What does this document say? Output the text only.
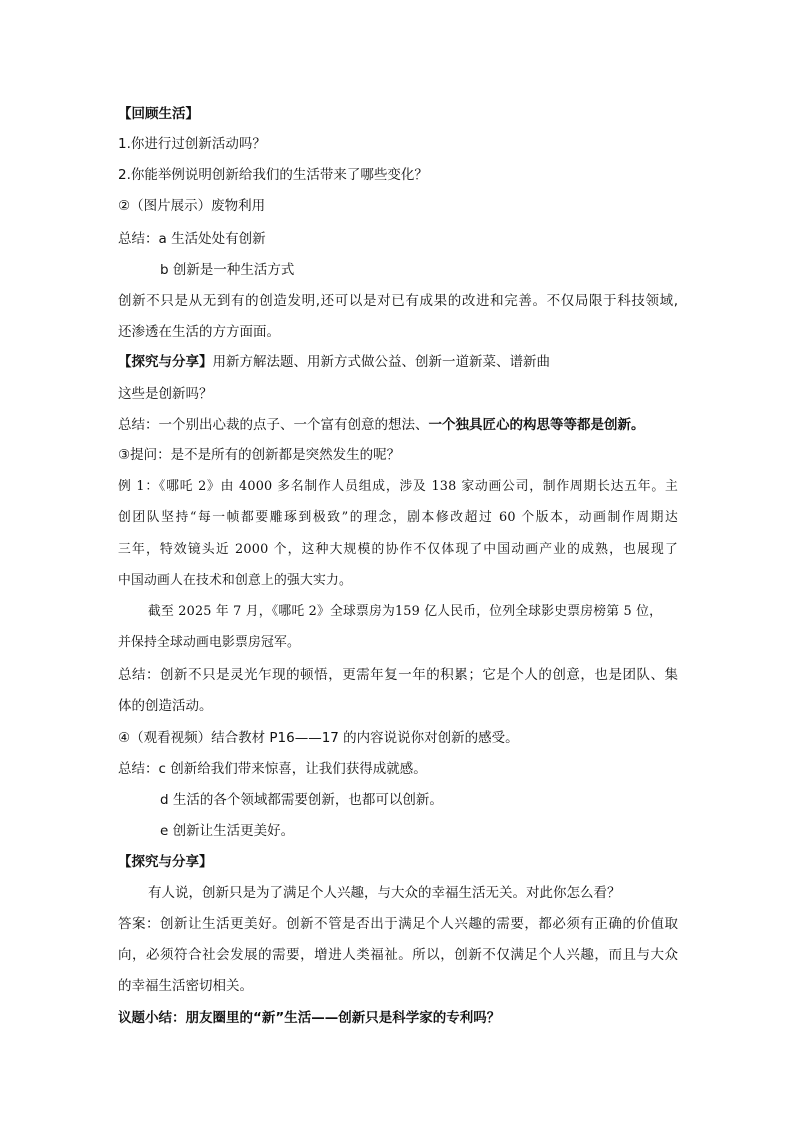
【回顾生活】
1.你进行过创新活动吗？
2.你能举例说明创新给我们的生活带来了哪些变化？
②（图片展示）废物利用
总结：a 生活处处有创新
b 创新是一种生活方式
创新不只是从无到有的创造发明,还可以是对已有成果的改进和完善。不仅局限于科技领域,
还渗透在生活的方方面面。
【探究与分享】用新方解法题、用新方式做公益、创新一道新菜、谱新曲
这些是创新吗？
总结：一个别出心裁的点子、一个富有创意的想法、一个独具匠心的构思等等都是创新。
③提问：是不是所有的创新都是突然发生的呢？
例 1：《哪吒 2》由 4000 多名制作人员组成，涉及 138 家动画公司，制作周期长达五年。主
创团队坚持“每一帧都要雕琢到极致”的理念，剧本修改超过 60 个版本，动画制作周期达
三年，特效镜头近 2000 个，这种大规模的协作不仅体现了中国动画产业的成熟，也展现了
中国动画人在技术和创意上的强大实力。
截至 2025 年 7 月，《哪吒 2》全球票房为159 亿人民币，位列全球影史票房榜第 5 位，
并保持全球动画电影票房冠军。
总结：创新不只是灵光乍现的顿悟，更需年复一年的积累；它是个人的创意，也是团队、集
体的创造活动。
④（观看视频）结合教材 P16——17 的内容说说你对创新的感受。
总结：c 创新给我们带来惊喜，让我们获得成就感。
d 生活的各个领域都需要创新，也都可以创新。
e 创新让生活更美好。
【探究与分享】
有人说，创新只是为了满足个人兴趣，与大众的幸福生活无关。对此你怎么看？
答案：创新让生活更美好。创新不管是否出于满足个人兴趣的需要，都必须有正确的价值取
向，必须符合社会发展的需要，增进人类福祉。所以，创新不仅满足个人兴趣，而且与大众
的幸福生活密切相关。
议题小结：朋友圈里的“新”生活——创新只是科学家的专利吗？
